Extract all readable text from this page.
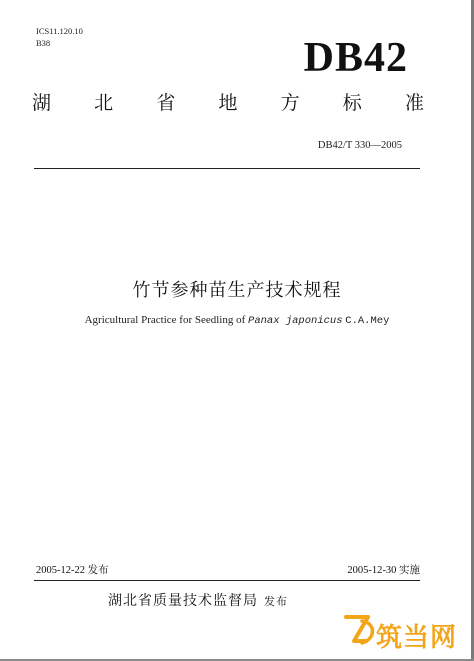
ICS11.120.10
B38	DB42
湖 北 省 地 方 标 准
DB42/T 330—2005
竹节参种苗生产技术规程
Agricultural Practice for Seedling of Panax japonicus C.A.Mey
2005-12-22 发布	2005-12-30 实施
湖北省质量技术监督局 发布
筑当网
